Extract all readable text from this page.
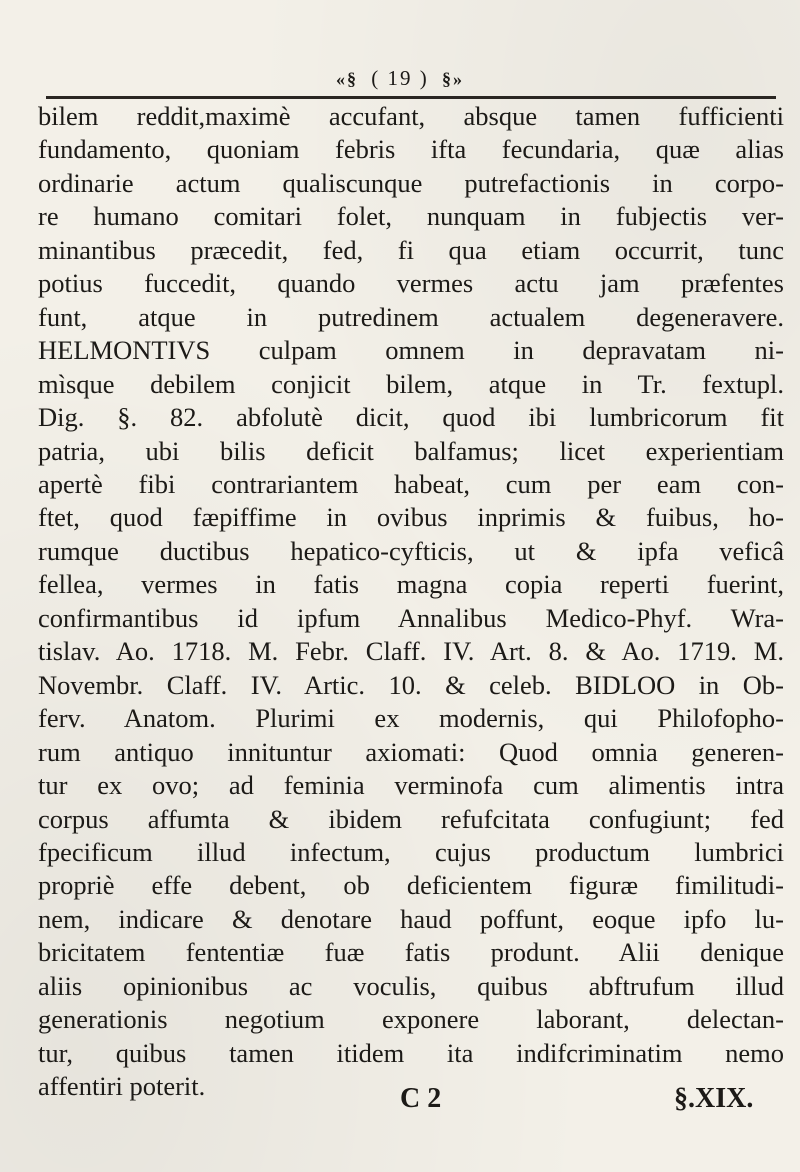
«§ ( 19 ) §»
bilem reddit,maximè accufant, absque tamen fufficienti
fundamento, quoniam febris ifta fecundaria, quæ alias
ordinarie actum qualiscunque putrefactionis in corpo-
re humano comitari folet, nunquam in fubjectis ver-
minantibus præcedit, fed, fi qua etiam occurrit, tunc
potius fuccedit, quando vermes actu jam præfentes
funt, atque in putredinem actualem degeneravere.
HELMONTIVS culpam omnem in depravatam ni-
mìsque debilem conjicit bilem, atque in Tr. fextupl.
Dig. §. 82. abfolutè dicit, quod ibi lumbricorum fit
patria, ubi bilis deficit balfamus; licet experientiam
apertè fibi contrariantem habeat, cum per eam con-
ftet, quod fæpiffime in ovibus inprimis & fuibus, ho-
rumque ductibus hepatico-cyfticis, ut & ipfa veficâ
fellea, vermes in fatis magna copia reperti fuerint,
confirmantibus id ipfum Annalibus Medico-Phyf. Wra-
tislav. Ao. 1718. M. Febr. Claff. IV. Art. 8. & Ao. 1719. M.
Novembr. Claff. IV. Artic. 10. & celeb. BIDLOO in Ob-
ferv. Anatom. Plurimi ex modernis, qui Philofopho-
rum antiquo innituntur axiomati: Quod omnia generen-
tur ex ovo; ad feminia verminofa cum alimentis intra
corpus affumta & ibidem refufcitata confugiunt; fed
fpecificum illud infectum, cujus productum lumbrici
propriè effe debent, ob deficientem figuræ fimilitudi-
nem, indicare & denotare haud poffunt, eoque ipfo lu-
bricitatem fententiæ fuæ fatis produnt. Alii denique
aliis opinionibus ac voculis, quibus abftrufum illud
generationis negotium exponere laborant, delectan-
tur, quibus tamen itidem ita indifcriminatim nemo
affentiri poterit.	C 2	§.XIX.
